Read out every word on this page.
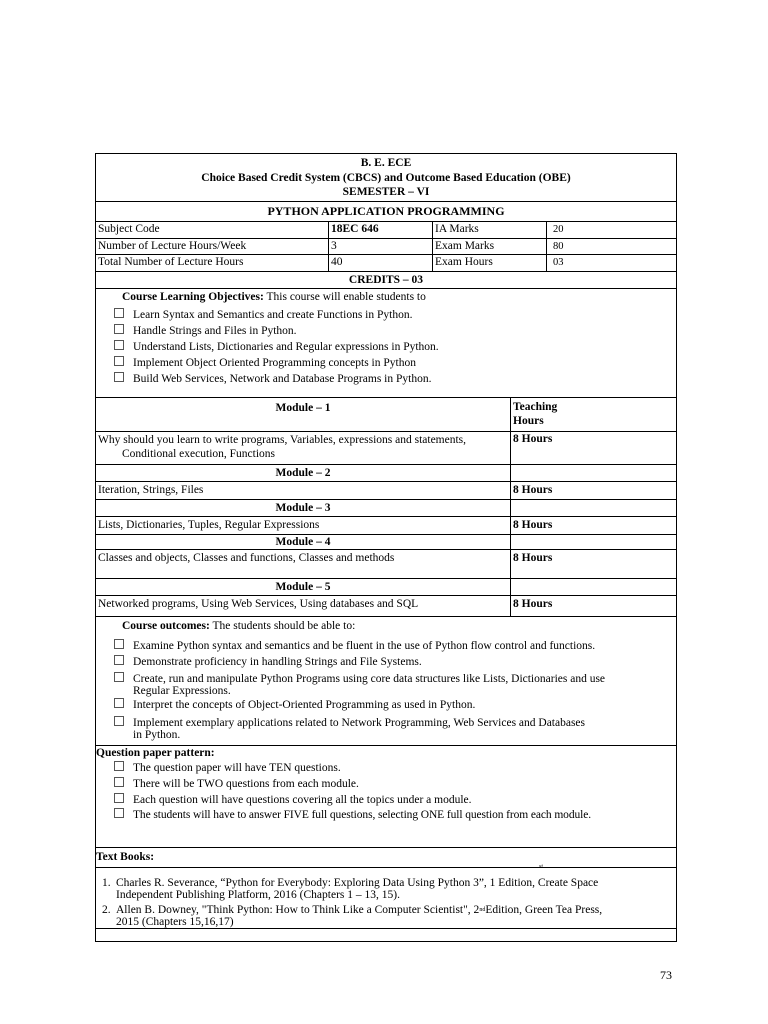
B. E. ECE
Choice Based Credit System (CBCS) and Outcome Based Education (OBE)
SEMESTER – VI
PYTHON APPLICATION PROGRAMMING
Subject Code	18EC 646	IA Marks	20
Number of Lecture Hours/Week	3	Exam Marks	80
Total Number of Lecture Hours	40	Exam Hours	03
CREDITS – 03
Course Learning Objectives: This course will enable students to
Learn Syntax and Semantics and create Functions in Python.
Handle Strings and Files in Python.
Understand Lists, Dictionaries and Regular expressions in Python.
Implement Object Oriented Programming concepts in Python
Build Web Services, Network and Database Programs in Python.
Module – 1	Teaching
Hours
Why should you learn to write programs, Variables, expressions and statements,
Conditional execution, Functions
8 Hours
Module – 2
Iteration, Strings, Files	8 Hours
Module – 3
Lists, Dictionaries, Tuples, Regular Expressions	8 Hours
Module – 4
Classes and objects, Classes and functions, Classes and methods	8 Hours
Module – 5
Networked programs, Using Web Services, Using databases and SQL	8 Hours
Course outcomes: The students should be able to:
Examine Python syntax and semantics and be fluent in the use of Python flow control and functions.
Demonstrate proficiency in handling Strings and File Systems.
Create, run and manipulate Python Programs using core data structures like Lists, Dictionaries and use
Regular Expressions.
Interpret the concepts of Object-Oriented Programming as used in Python.
Implement exemplary applications related to Network Programming, Web Services and Databases
in Python.
Question paper pattern:
The question paper will have TEN questions.
There will be TWO questions from each module.
Each question will have questions covering all the topics under a module.
The students will have to answer FIVE full questions, selecting ONE full question from each module.
Text Books:
st
1. Charles R. Severance, “Python for Everybody: Exploring Data Using Python 3”, 1 Edition, Create Space
Independent Publishing Platform, 2016 (Chapters 1 – 13, 15).
2. Allen B. Downey, "Think Python: How to Think Like a Computer Scientist", 2ndEdition, Green Tea Press,
2015 (Chapters 15,16,17)
73
